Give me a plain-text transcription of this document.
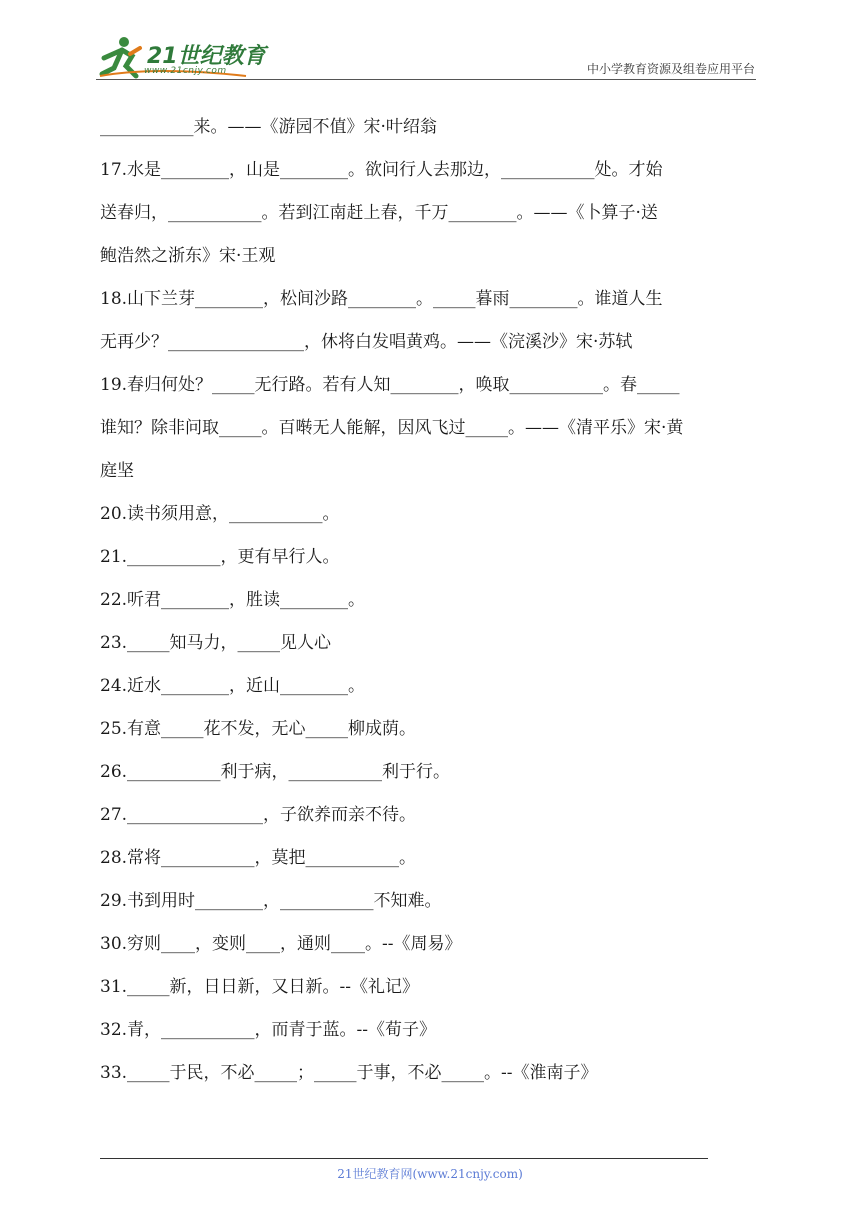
21世纪教育
www.21cnjy.com	中小学教育资源及组卷应用平台
___________来。——《游园不值》宋·叶绍翁
17.水是________，山是________。欲问行人去那边，___________处。才始
送春归，___________。若到江南赶上春，千万________。——《卜算子·送
鲍浩然之浙东》宋·王观
18.山下兰芽________，松间沙路________。_____暮雨________。谁道人生
无再少？________________，休将白发唱黄鸡。——《浣溪沙》宋·苏轼
19.春归何处？_____无行路。若有人知________，唤取___________。春_____
谁知？除非问取_____。百啭无人能解，因风飞过_____。——《清平乐》宋·黄
庭坚
20.读书须用意，___________。
21.___________，更有早行人。
22.听君________，胜读________。
23._____知马力，_____见人心
24.近水________，近山________。
25.有意_____花不发，无心_____柳成荫。
26.___________利于病，___________利于行。
27.________________，子欲养而亲不待。
28.常将___________，莫把___________。
29.书到用时________，___________不知难。
30.穷则____，变则____，通则____。--《周易》
31._____新，日日新，又日新。--《礼记》
32.青，___________，而青于蓝。--《荀子》
33._____于民，不必_____；_____于事，不必_____。--《淮南子》
21世纪教育网(www.21cnjy.com)
